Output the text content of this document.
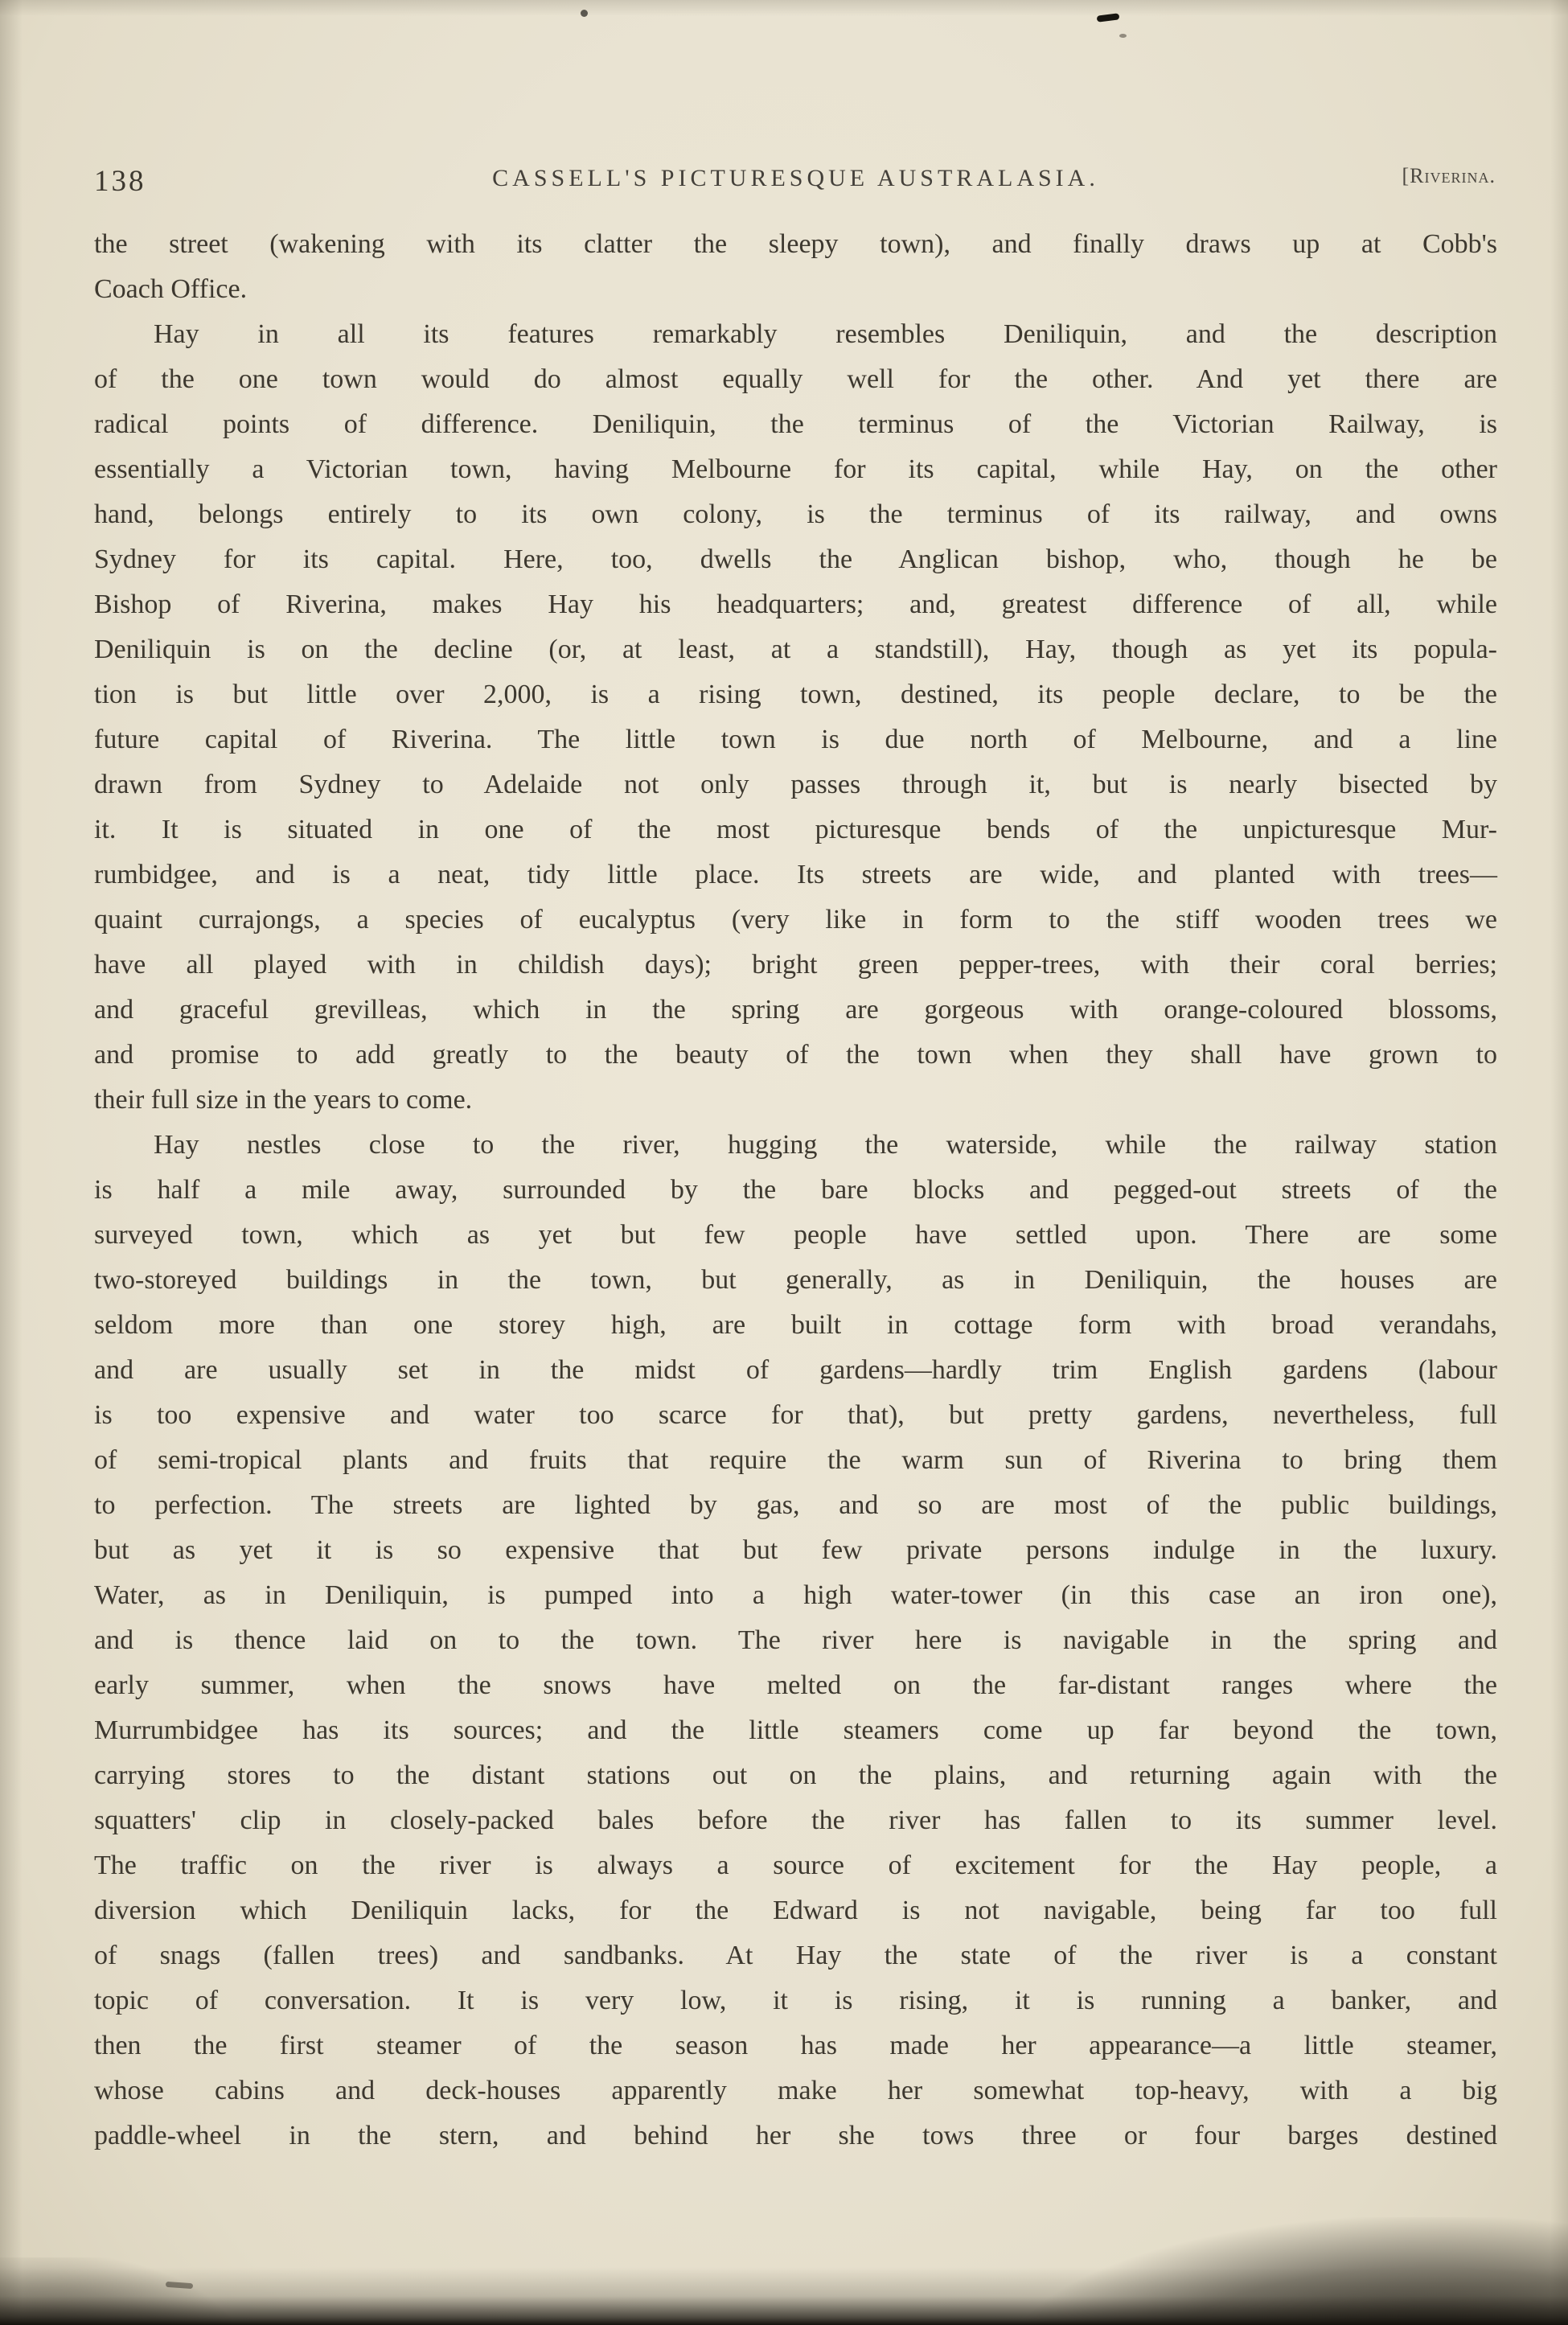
138	CASSELL'S PICTURESQUE AUSTRALASIA.	[Riverina.
the street (wakening with its clatter the sleepy town), and finally draws up at Cobb's
Coach Office.
Hay in all its features remarkably resembles Deniliquin, and the description
of the one town would do almost equally well for the other. And yet there are
radical points of difference. Deniliquin, the terminus of the Victorian Railway, is
essentially a Victorian town, having Melbourne for its capital, while Hay, on the other
hand, belongs entirely to its own colony, is the terminus of its railway, and owns
Sydney for its capital. Here, too, dwells the Anglican bishop, who, though he be
Bishop of Riverina, makes Hay his headquarters; and, greatest difference of all, while
Deniliquin is on the decline (or, at least, at a standstill), Hay, though as yet its popula-
tion is but little over 2,000, is a rising town, destined, its people declare, to be the
future capital of Riverina. The little town is due north of Melbourne, and a line
drawn from Sydney to Adelaide not only passes through it, but is nearly bisected by
it. It is situated in one of the most picturesque bends of the unpicturesque Mur-
rumbidgee, and is a neat, tidy little place. Its streets are wide, and planted with trees—
quaint currajongs, a species of eucalyptus (very like in form to the stiff wooden trees we
have all played with in childish days); bright green pepper-trees, with their coral berries;
and graceful grevilleas, which in the spring are gorgeous with orange-coloured blossoms,
and promise to add greatly to the beauty of the town when they shall have grown to
their full size in the years to come.
Hay nestles close to the river, hugging the waterside, while the railway station
is half a mile away, surrounded by the bare blocks and pegged-out streets of the
surveyed town, which as yet but few people have settled upon. There are some
two-storeyed buildings in the town, but generally, as in Deniliquin, the houses are
seldom more than one storey high, are built in cottage form with broad verandahs,
and are usually set in the midst of gardens—hardly trim English gardens (labour
is too expensive and water too scarce for that), but pretty gardens, nevertheless, full
of semi-tropical plants and fruits that require the warm sun of Riverina to bring them
to perfection. The streets are lighted by gas, and so are most of the public buildings,
but as yet it is so expensive that but few private persons indulge in the luxury.
Water, as in Deniliquin, is pumped into a high water-tower (in this case an iron one),
and is thence laid on to the town. The river here is navigable in the spring and
early summer, when the snows have melted on the far-distant ranges where the
Murrumbidgee has its sources; and the little steamers come up far beyond the town,
carrying stores to the distant stations out on the plains, and returning again with the
squatters' clip in closely-packed bales before the river has fallen to its summer level.
The traffic on the river is always a source of excitement for the Hay people, a
diversion which Deniliquin lacks, for the Edward is not navigable, being far too full
of snags (fallen trees) and sandbanks. At Hay the state of the river is a constant
topic of conversation. It is very low, it is rising, it is running a banker, and
then the first steamer of the season has made her appearance—a little steamer,
whose cabins and deck-houses apparently make her somewhat top-heavy, with a big
paddle-wheel in the stern, and behind her she tows three or four barges destined
